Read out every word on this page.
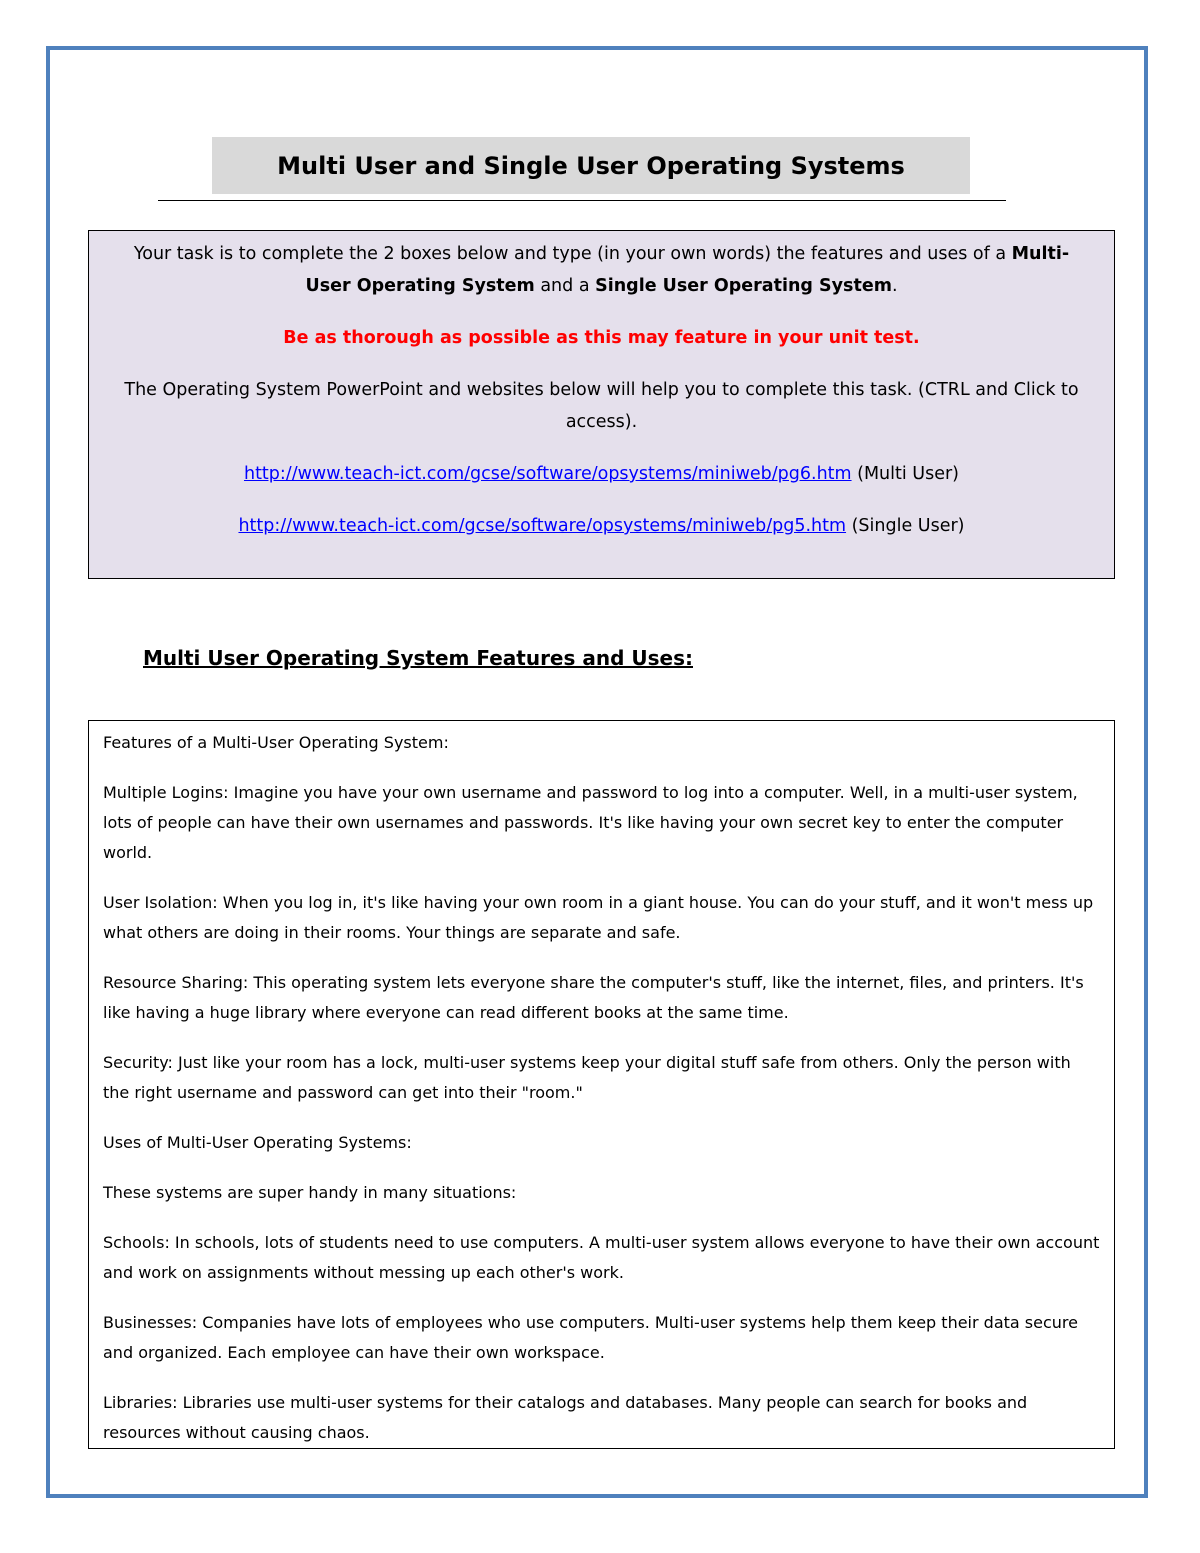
Multi User and Single User Operating Systems

Your task is to complete the 2 boxes below and type (in your own words) the features and uses of a Multi-User Operating System and a Single User Operating System.

Be as thorough as possible as this may feature in your unit test.

The Operating System PowerPoint and websites below will help you to complete this task. (CTRL and Click to access).

http://www.teach-ict.com/gcse/software/opsystems/miniweb/pg6.htm (Multi User)

http://www.teach-ict.com/gcse/software/opsystems/miniweb/pg5.htm (Single User)

Multi User Operating System Features and Uses:

Features of a Multi-User Operating System:

Multiple Logins: Imagine you have your own username and password to log into a computer. Well, in a multi-user system, lots of people can have their own usernames and passwords. It's like having your own secret key to enter the computer world.

User Isolation: When you log in, it's like having your own room in a giant house. You can do your stuff, and it won't mess up what others are doing in their rooms. Your things are separate and safe.

Resource Sharing: This operating system lets everyone share the computer's stuff, like the internet, files, and printers. It's like having a huge library where everyone can read different books at the same time.

Security: Just like your room has a lock, multi-user systems keep your digital stuff safe from others. Only the person with the right username and password can get into their "room."

Uses of Multi-User Operating Systems:

These systems are super handy in many situations:

Schools: In schools, lots of students need to use computers. A multi-user system allows everyone to have their own account and work on assignments without messing up each other's work.

Businesses: Companies have lots of employees who use computers. Multi-user systems help them keep their data secure and organized. Each employee can have their own workspace.

Libraries: Libraries use multi-user systems for their catalogs and databases. Many people can search for books and resources without causing chaos.
